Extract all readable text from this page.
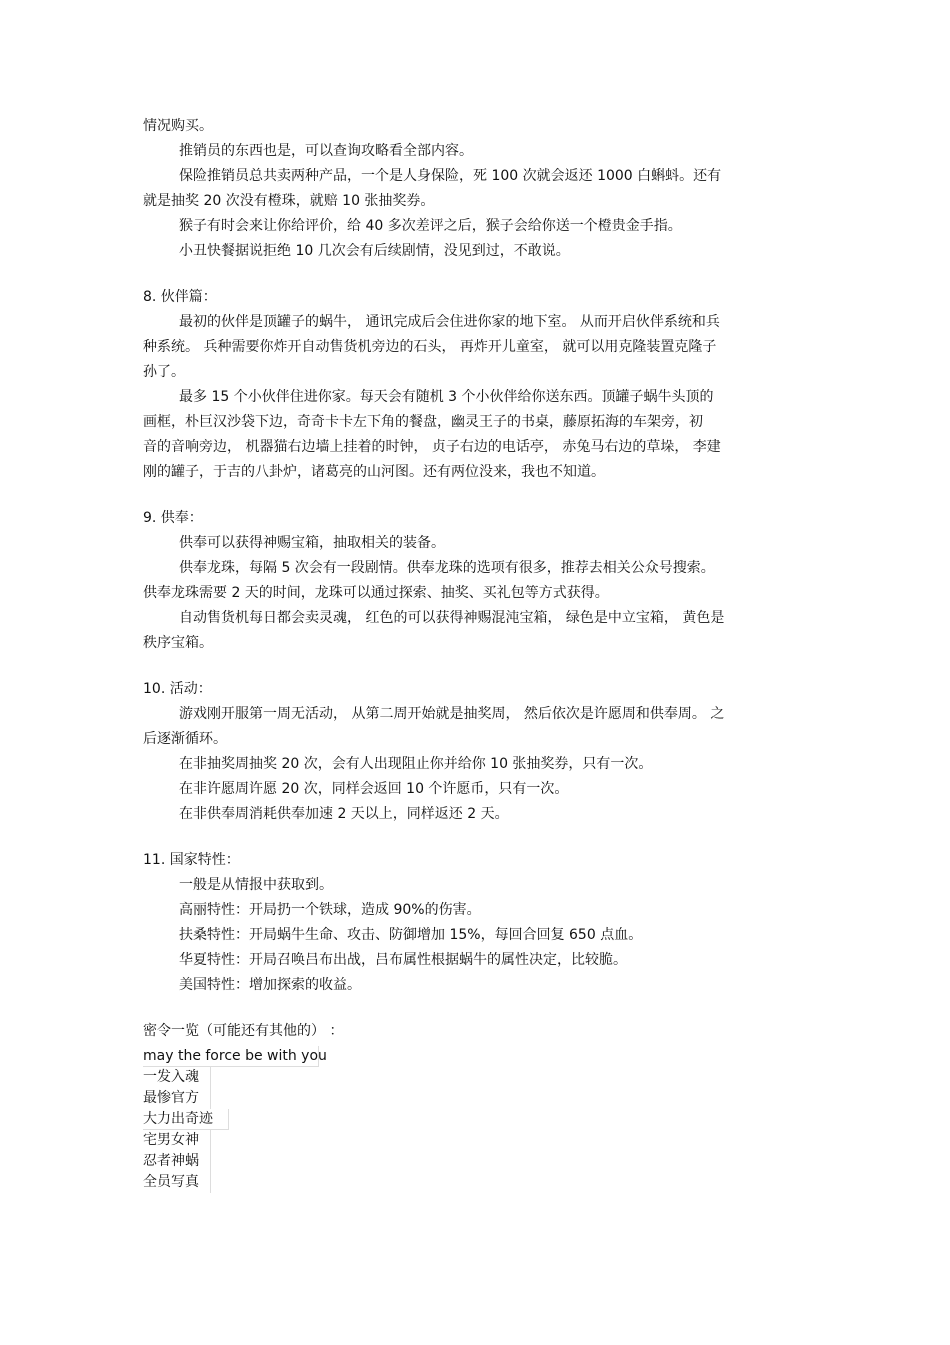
情况购买。
推销员的东西也是，可以查询攻略看全部内容。
保险推销员总共卖两种产品，一个是人身保险，死 100 次就会返还 1000 白蝌蚪。还有
就是抽奖 20 次没有橙珠，就赔 10 张抽奖券。
猴子有时会来让你给评价，给 40 多次差评之后，猴子会给你送一个橙贵金手指。
小丑快餐据说拒绝 10 几次会有后续剧情，没见到过，不敢说。
8. 伙伴篇：
最初的伙伴是顶罐子的蜗牛， 通讯完成后会住进你家的地下室。 从而开启伙伴系统和兵
种系统。 兵种需要你炸开自动售货机旁边的石头， 再炸开儿童室， 就可以用克隆装置克隆子
孙了。
最多 15 个小伙伴住进你家。每天会有随机 3 个小伙伴给你送东西。顶罐子蜗牛头顶的
画框，朴巨汉沙袋下边，奇奇卡卡左下角的餐盘，幽灵王子的书桌，藤原拓海的车架旁，初
音的音响旁边， 机器猫右边墙上挂着的时钟， 贞子右边的电话亭， 赤兔马右边的草垛， 李建
刚的罐子，于吉的八卦炉，诸葛亮的山河图。还有两位没来，我也不知道。
9. 供奉：
供奉可以获得神赐宝箱，抽取相关的装备。
供奉龙珠，每隔 5 次会有一段剧情。供奉龙珠的选项有很多，推荐去相关公众号搜索。
供奉龙珠需要 2 天的时间，龙珠可以通过探索、抽奖、买礼包等方式获得。
自动售货机每日都会卖灵魂， 红色的可以获得神赐混沌宝箱， 绿色是中立宝箱， 黄色是
秩序宝箱。
10. 活动：
游戏刚开服第一周无活动， 从第二周开始就是抽奖周， 然后依次是许愿周和供奉周。 之
后逐渐循环。
在非抽奖周抽奖 20 次，会有人出现阻止你并给你 10 张抽奖券，只有一次。
在非许愿周许愿 20 次，同样会返回 10 个许愿币，只有一次。
在非供奉周消耗供奉加速 2 天以上，同样返还 2 天。
11. 国家特性：
一般是从情报中获取到。
高丽特性：开局扔一个铁球，造成 90%的伤害。
扶桑特性：开局蜗牛生命、攻击、防御增加 15%，每回合回复 650 点血。
华夏特性：开局召唤吕布出战，吕布属性根据蜗牛的属性决定，比较脆。
美国特性：增加探索的收益。
密令一览（可能还有其他的） ：
may the force be with you
一发入魂
最惨官方
大力出奇迹
宅男女神
忍者神蜗
全员写真
